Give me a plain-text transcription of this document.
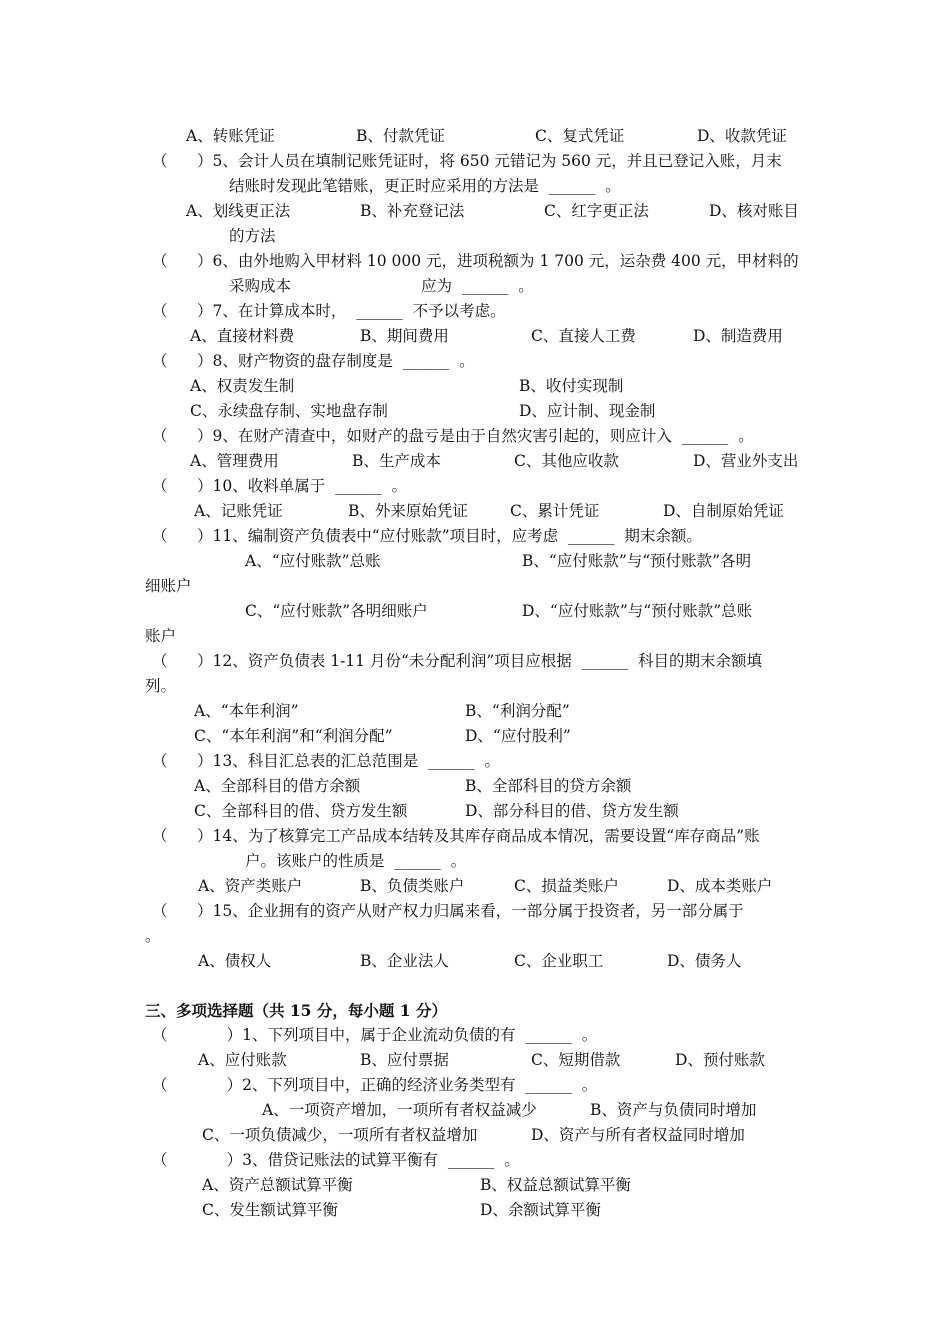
A、转账凭证	B、付款凭证	C、复式凭证	D、收款凭证
（      ）5、会计人员在填制记账凭证时，将 650 元错记为 560 元，并且已登记入账，月末
结账时发现此笔错账，更正时应采用的方法是  ______  。
A、划线更正法	B、补充登记法	C、红字更正法	D、核对账目
的方法
（      ）6、由外地购入甲材料 10 000 元，进项税额为 1 700 元，运杂费 400 元，甲材料的
采购成本	应为  ______  。
（      ）7、在计算成本时，  ______  不予以考虑。
A、直接材料费	B、期间费用	C、直接人工费	D、制造费用
（      ）8、财产物资的盘存制度是  ______  。
A、权责发生制	B、收付实现制
C、永续盘存制、实地盘存制	D、应计制、现金制
（      ）9、在财产清查中，如财产的盘亏是由于自然灾害引起的，则应计入  ______  。
A、管理费用	B、生产成本	C、其他应收款	D、营业外支出
（      ）10、收料单属于  ______  。
A、记账凭证	B、外来原始凭证	C、累计凭证	D、自制原始凭证
（      ）11、编制资产负债表中“应付账款”项目时，应考虑  ______  期末余额。
A、“应付账款”总账	B、“应付账款”与“预付账款”各明
细账户
C、“应付账款”各明细账户	D、“应付账款”与“预付账款”总账
账户
（      ）12、资产负债表 1-11 月份“未分配利润”项目应根据  ______  科目的期末余额填
列。
A、“本年利润”	B、“利润分配”
C、“本年利润”和“利润分配”	D、“应付股利”
（      ）13、科目汇总表的汇总范围是  ______  。
A、全部科目的借方余额	B、全部科目的贷方余额
C、全部科目的借、贷方发生额	D、部分科目的借、贷方发生额
（      ）14、为了核算完工产品成本结转及其库存商品成本情况，需要设置“库存商品”账
户。该账户的性质是  ______  。
A、资产类账户	B、负债类账户	C、损益类账户	D、成本类账户
（      ）15、企业拥有的资产从财产权力归属来看，一部分属于投资者，另一部分属于
。
A、债权人	B、企业法人	C、企业职工	D、债务人
三、多项选择题（共 15 分，每小题 1 分）
（            ）1、下列项目中，属于企业流动负债的有  ______  。
A、应付账款	B、应付票据	C、短期借款	D、预付账款
（            ）2、下列项目中，正确的经济业务类型有  ______  。
A、一项资产增加，一项所有者权益减少	B、资产与负债同时增加
C、一项负债减少，一项所有者权益增加	D、资产与所有者权益同时增加
（            ）3、借贷记账法的试算平衡有  ______  。
A、资产总额试算平衡	B、权益总额试算平衡
C、发生额试算平衡	D、余额试算平衡
